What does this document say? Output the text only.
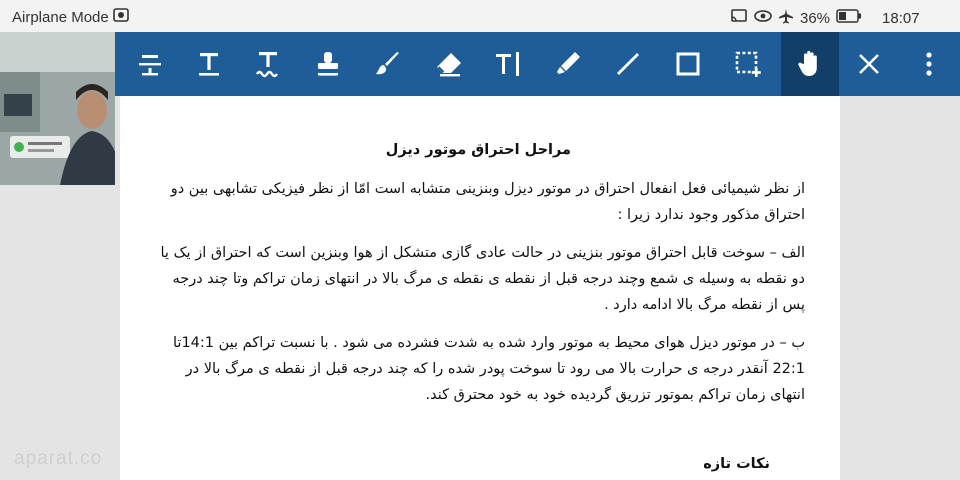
Airplane Mode	36%	18:07
مراحل احتراق موتور دیزل
از نظر شیمیائی فعل انفعال احتراق در موتور دیزل وبنزینی متشابه است امّا از نظر فیزیکی تشابهی بین دو احتراق مذکور وجود ندارد زیرا :
الف – سوخت قابل احتراق موتور بنزینی در حالت عادی گازی متشکل از هوا وبنزین است که احتراق از یک یا دو نقطه به وسیله ی شمع وچند درجه قبل از نقطه ی نقطه ی مرگ بالا در انتهای زمان تراکم وتا چند درجه پس از نقطه مرگ بالا ادامه دارد .
ب – در موتور دیزل هوای محیط به موتور وارد شده به شدت فشرده می شود . با نسبت تراکم بین 14:1تا 22:1 آنقدر درجه ی حرارت بالا می رود تا سوخت پودر شده را که چند درجه قبل از نقطه ی مرگ بالا در انتهای زمان تراکم بموتور تزریق گردیده خود به خود محترق کند.
نکات تازه
aparat.co
